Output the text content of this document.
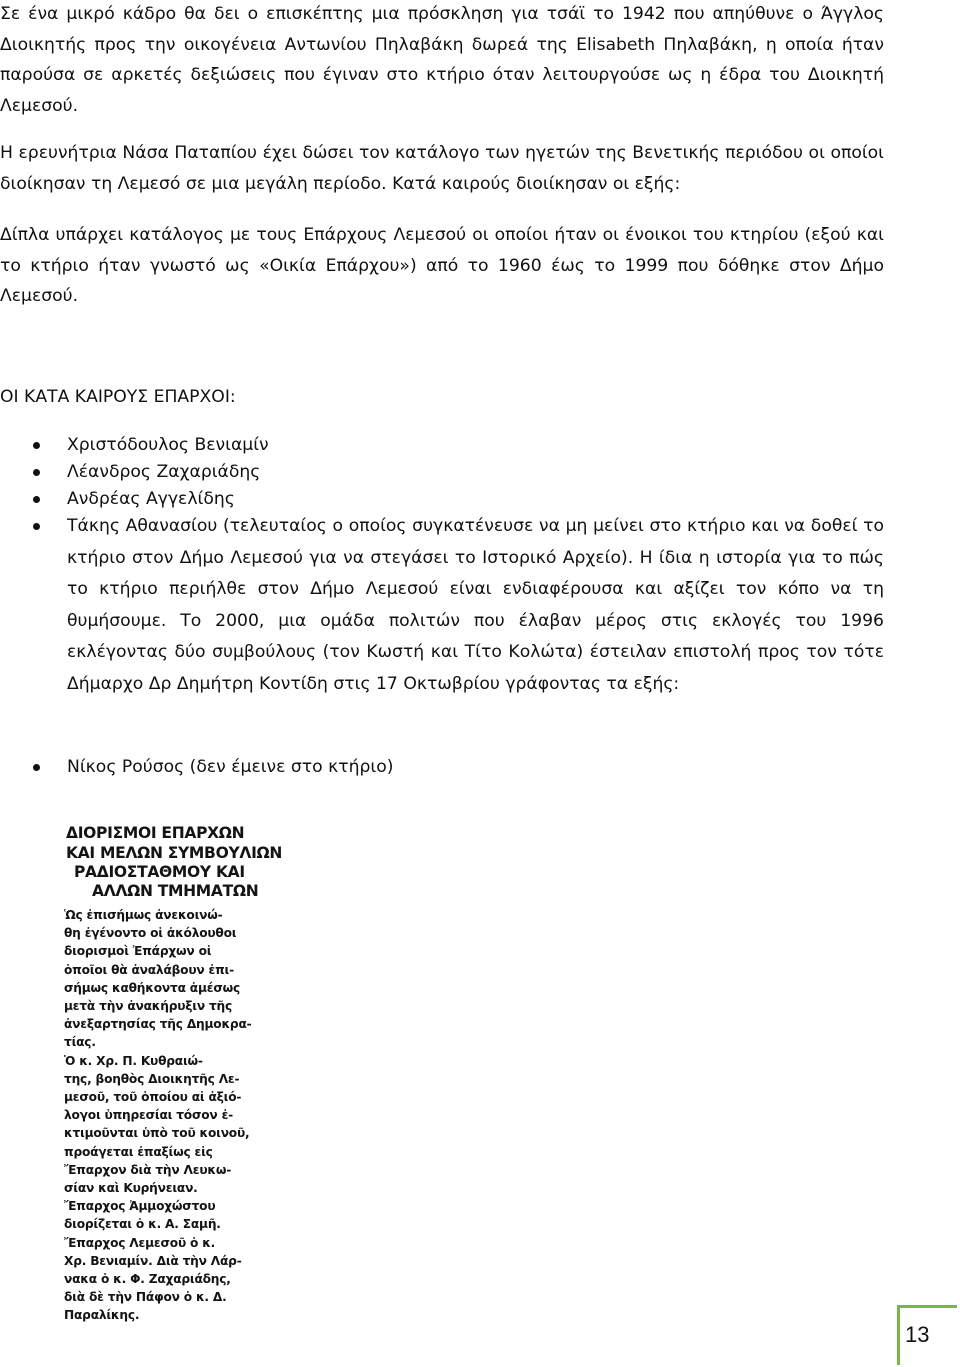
Σε ένα μικρό κάδρο θα δει ο επισκέπτης μια πρόσκληση για τσάϊ το 1942 που απηύθυνε ο Άγγλος Διοικητής προς την οικογένεια Αντωνίου Πηλαβάκη δωρεά της Elisabeth Πηλαβάκη, η οποία ήταν παρούσα σε αρκετές δεξιώσεις που έγιναν στο κτήριο όταν λειτουργούσε ως η έδρα του Διοικητή Λεμεσού.

Η ερευνήτρια Νάσα Παταπίου έχει δώσει τον κατάλογο των ηγετών της Βενετικής περιόδου οι οποίοι διοίκησαν τη Λεμεσό σε μια μεγάλη περίοδο. Κατά καιρούς διοιίκησαν οι εξής:

Δίπλα υπάρχει κατάλογος με τους Επάρχους Λεμεσού οι οποίοι ήταν οι ένοικοι του κτηρίου (εξού και το κτήριο ήταν γνωστό ως «Οικία Επάρχου») από το 1960 έως το 1999 που δόθηκε στον Δήμο Λεμεσού.

ΟΙ ΚΑΤΑ ΚΑΙΡΟΥΣ ΕΠΑΡΧΟΙ:

Χριστόδουλος Βενιαμίν
Λέανδρος Ζαχαριάδης
Ανδρέας Αγγελίδης
Τάκης Αθανασίου (τελευταίος ο οποίος συγκατένευσε να μη μείνει στο κτήριο και να δοθεί το κτήριο στον Δήμο Λεμεσού για να στεγάσει το Ιστορικό Αρχείο). Η ίδια η ιστορία για το πώς το κτήριο περιήλθε στον Δήμο Λεμεσού είναι ενδιαφέρουσα και αξίζει τον κόπο να τη θυμήσουμε. Το 2000, μια ομάδα πολιτών που έλαβαν μέρος στις εκλογές του 1996 εκλέγοντας δύο συμβούλους (τον Κωστή και Τίτο Κολώτα) έστειλαν επιστολή προς τον τότε Δήμαρχο Δρ Δημήτρη Κοντίδη στις 17 Οκτωβρίου γράφοντας τα εξής:
Νίκος Ρούσος (δεν έμεινε στο κτήριο)
ΔΙΟΡΙΣΜΟΙ ΕΠΑΡΧΩΝ
ΚΑΙ ΜΕΛΩΝ ΣΥΜΒΟΥΛΙΩΝ
ΡΑΔΙΟΣΤΑΘΜΟΥ ΚΑΙ
ΑΛΛΩΝ ΤΜΗΜΑΤΩΝ
Ὡς ἐπισήμως ἀνεκοινώ-
θη ἐγένοντο οἱ ἀκόλουθοι
διορισμοὶ Ἐπάρχων οἱ
ὁποῖοι θὰ ἀναλάβουν ἐπι-
σήμως καθήκοντα ἀμέσως
μετὰ τὴν ἀνακήρυξιν τῆς
ἀνεξαρτησίας τῆς Δημοκρα-
τίας.
Ὁ κ. Χρ. Π. Κυθραιώ-
της, βοηθὸς Διοικητῆς Λε-
μεσοῦ, τοῦ ὁποίου αἱ ἀξιό-
λογοι ὑπηρεσίαι τόσον ἐ-
κτιμοῦνται ὑπὸ τοῦ κοινοῦ,
προάγεται ἐπαξίως εἰς
Ἔπαρχον διὰ τὴν Λευκω-
σίαν καὶ Κυρήνειαν.
Ἔπαρχος Ἀμμοχώστου
διορίζεται ὁ κ. Α. Σαμῆ.
Ἔπαρχος Λεμεσοῦ ὁ κ.
Χρ. Βενιαμίν. Διὰ τὴν Λάρ-
νακα ὁ κ. Φ. Ζαχαριάδης,
διὰ δὲ τὴν Πάφον ὁ κ. Δ.
Παραλίκης.
13
